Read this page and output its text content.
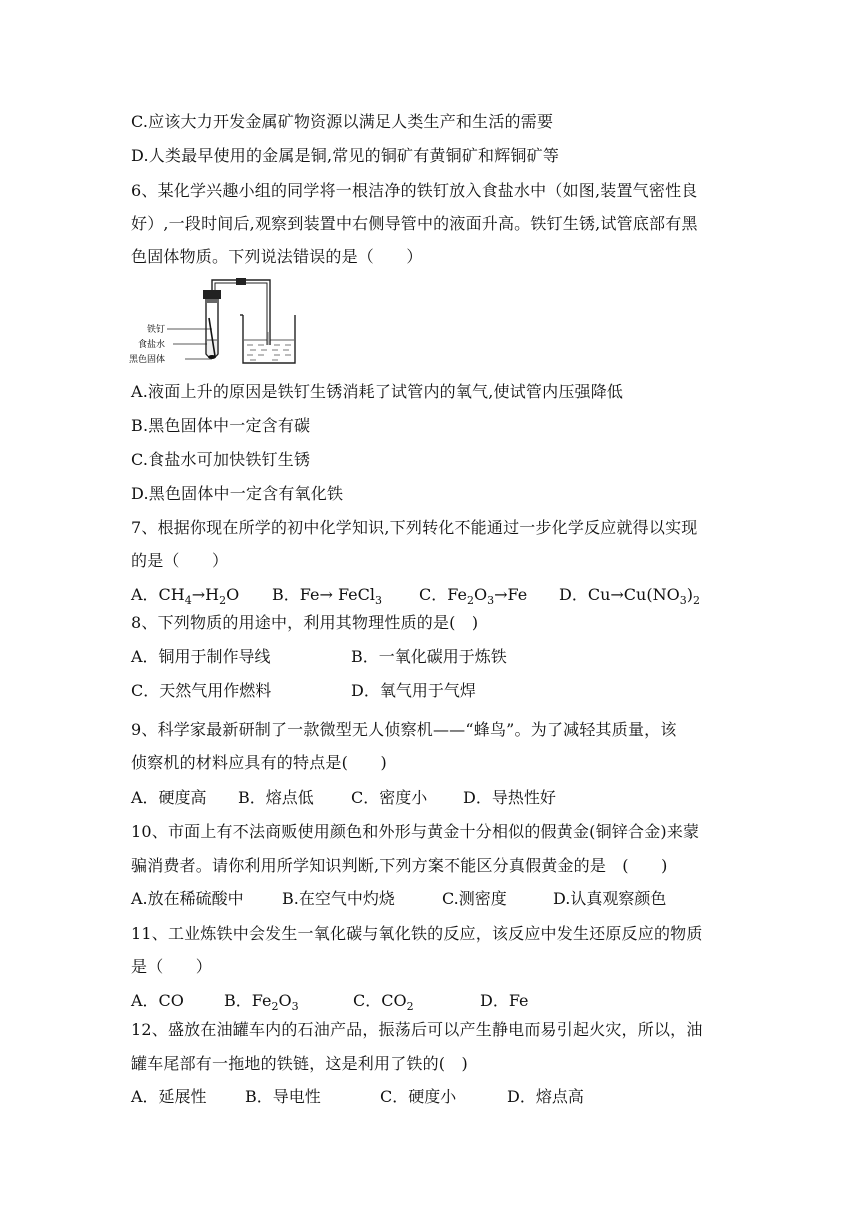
C.应该大力开发金属矿物资源以满足人类生产和生活的需要
D.人类最早使用的金属是铜,常见的铜矿有黄铜矿和辉铜矿等
6、某化学兴趣小组的同学将一根洁净的铁钉放入食盐水中（如图,装置气密性良
好）,一段时间后,观察到装置中右侧导管中的液面升高。铁钉生锈,试管底部有黑
色固体物质。下列说法错误的是（　　）
铁钉
食盐水
黑色固体
A.液面上升的原因是铁钉生锈消耗了试管内的氧气,使试管内压强降低
B.黑色固体中一定含有碳
C.食盐水可加快铁钉生锈
D.黑色固体中一定含有氧化铁
7、根据你现在所学的初中化学知识,下列转化不能通过一步化学反应就得以实现
的是（　　）
A．$CH_4\to H_2O$ B．Fe→ FeCl$_3$ C．$Fe_2O_3\to Fe$ D．$Cu\to Cu(NO_3)_2$
8、下列物质的用途中，利用其物理性质的是(　)
A．铜用于制作导线	B．一氧化碳用于炼铁
C．天然气用作燃料	D．氧气用于气焊
9、科学家最新研制了一款微型无人侦察机——“蜂鸟”。为了减轻其质量，该
侦察机的材料应具有的特点是(　　)
A．硬度高 B．熔点低 C．密度小 D．导热性好
10、市面上有不法商贩使用颜色和外形与黄金十分相似的假黄金(铜锌合金)来蒙
骗消费者。请你利用所学知识判断,下列方案不能区分真假黄金的是　(　　)
A.放在稀硫酸中 B.在空气中灼烧	C.测密度	D.认真观察颜色
11、工业炼铁中会发生一氧化碳与氧化铁的反应，该反应中发生还原反应的物质
是（　　）
A．CO	B．$Fe_2O_3$	C．$CO_2$	D．Fe
12、盛放在油罐车内的石油产品，振荡后可以产生静电而易引起火灾，所以，油
罐车尾部有一拖地的铁链，这是利用了铁的(　)
A．延展性 B．导电性	C．硬度小	D．熔点高
